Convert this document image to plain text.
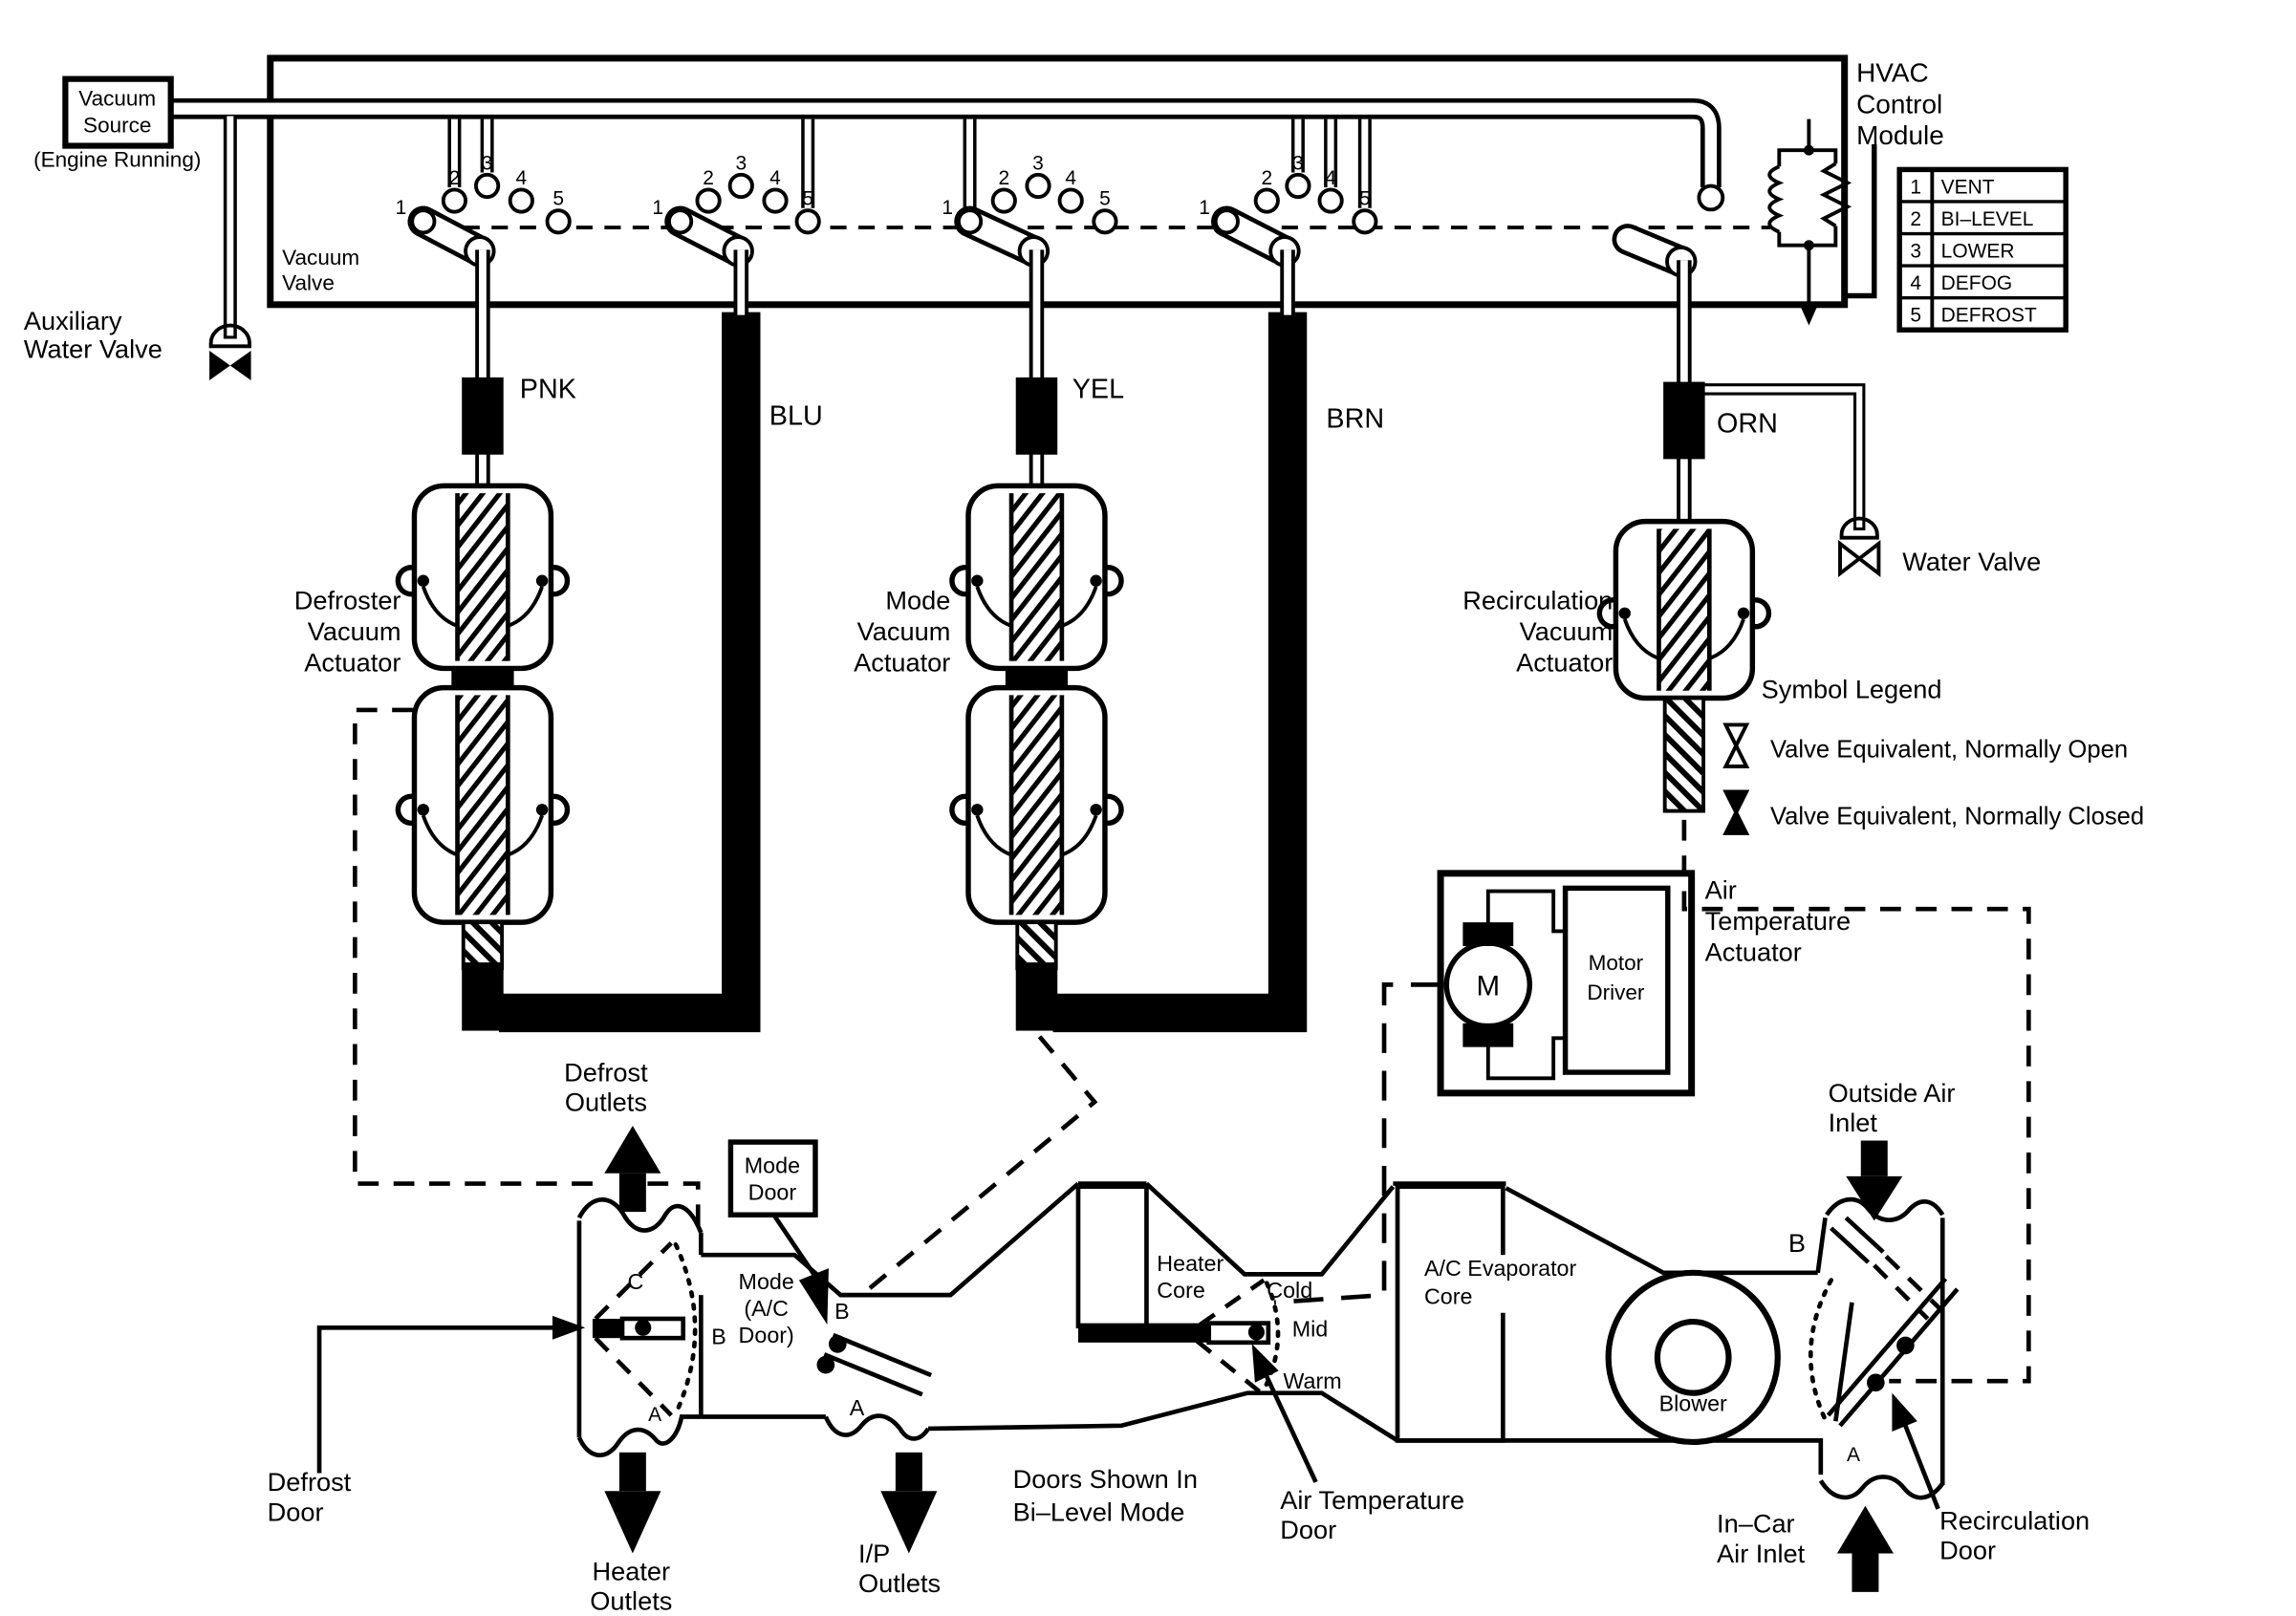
1
2
3
4
5	1
2
3
4
5	1
2
3
4
5	1
2
3
4
5
Vacuum
Source
(Engine Running)
Auxiliary
Water Valve
Vacuum
Valve
PNK
BLU
YEL
BRN	ORN
Water Valve
Defroster
Vacuum
Actuator
Mode
Vacuum
Actuator
Recirculation
Vacuum
Actuator
Symbol Legend
Valve Equivalent, Normally Open
Valve Equivalent, Normally Closed
HVAC
Control
Module
1 VENT
2 BI–LEVEL
3 LOWER
4 DEFOG
5 DEFROST
M
Motor
Driver
Air
Temperature
Actuator
Defrost
Outlets
Mode
Door
Mode
(A/C
Door)
Heater
Core	Cold
Mid
Warm
A/C Evaporator
Core
Blower
Doors Shown In
Bi–Level Mode	Air Temperature
Door
Outside Air
Inlet
In–Car
Air Inlet
Recirculation
Door
Defrost
Door
Heater
Outlets
I/P
Outlets
C
B
A
B
A
B
A
